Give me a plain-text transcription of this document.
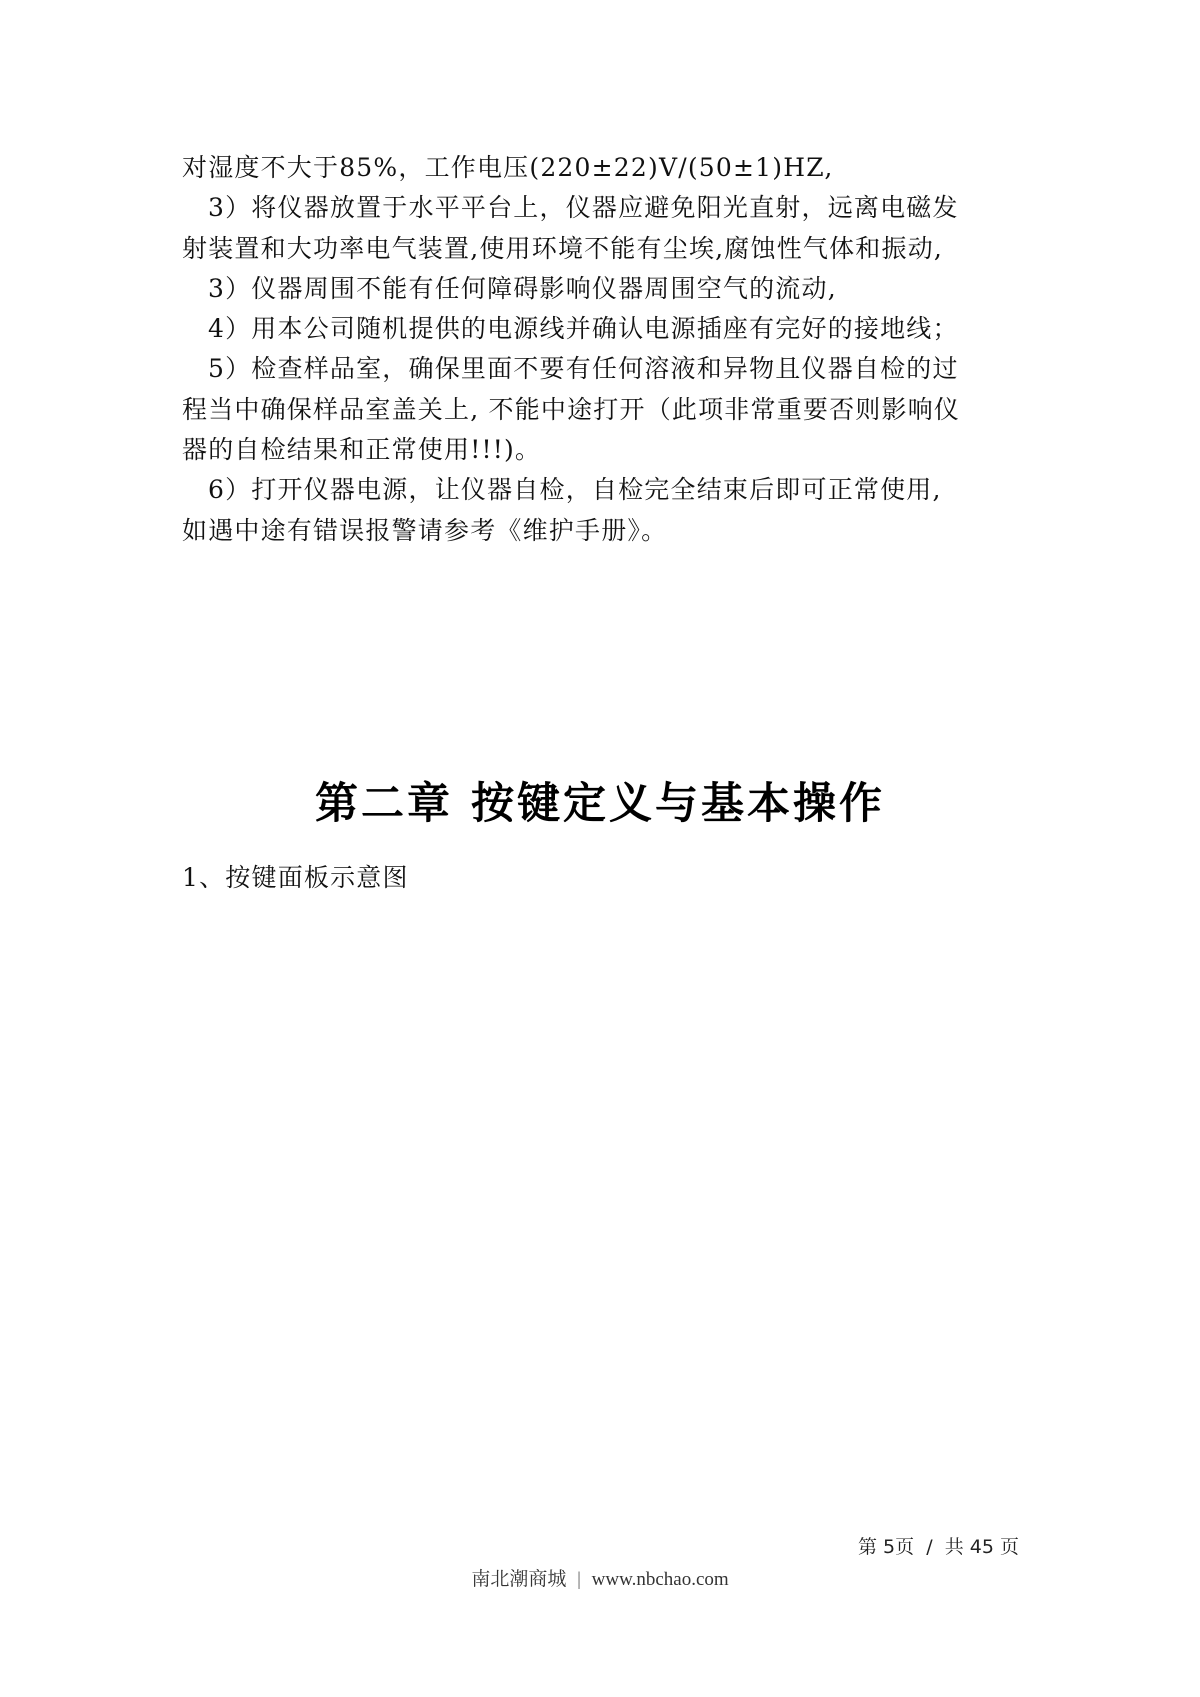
对湿度不大于85%，工作电压(220±22)V/(50±1)HZ,
3）将仪器放置于水平平台上，仪器应避免阳光直射，远离电磁发
射装置和大功率电气装置,使用环境不能有尘埃,腐蚀性气体和振动,
3）仪器周围不能有任何障碍影响仪器周围空气的流动,
4）用本公司随机提供的电源线并确认电源插座有完好的接地线；
5）检查样品室，确保里面不要有任何溶液和异物且仪器自检的过
程当中确保样品室盖关上, 不能中途打开（此项非常重要否则影响仪
器的自检结果和正常使用!!!)。
6）打开仪器电源，让仪器自检，自检完全结束后即可正常使用,
如遇中途有错误报警请参考《维护手册》。
第二章 按键定义与基本操作
1、按键面板示意图
第 5页  /  共 45 页
南北潮商城 | www.nbchao.com
